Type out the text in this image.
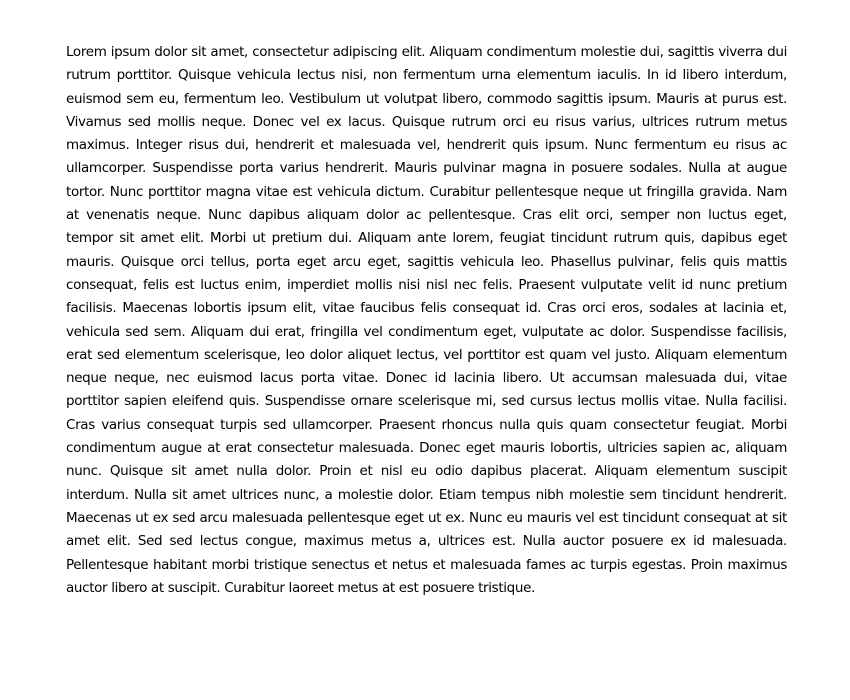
Lorem ipsum dolor sit amet, consectetur adipiscing elit. Aliquam condimentum molestie dui, sagittis viverra dui rutrum porttitor. Quisque vehicula lectus nisi, non fermentum urna elementum iaculis. In id libero interdum, euismod sem eu, fermentum leo. Vestibulum ut volutpat libero, commodo sagittis ipsum. Mauris at purus est. Vivamus sed mollis neque. Donec vel ex lacus. Quisque rutrum orci eu risus varius, ultrices rutrum metus maximus. Integer risus dui, hendrerit et malesuada vel, hendrerit quis ipsum. Nunc fermentum eu risus ac ullamcorper. Suspendisse porta varius hendrerit. Mauris pulvinar magna in posuere sodales. Nulla at augue tortor. Nunc porttitor magna vitae est vehicula dictum. Curabitur pellentesque neque ut fringilla gravida. Nam at venenatis neque. Nunc dapibus aliquam dolor ac pellentesque. Cras elit orci, semper non luctus eget, tempor sit amet elit. Morbi ut pretium dui. Aliquam ante lorem, feugiat tincidunt rutrum quis, dapibus eget mauris. Quisque orci tellus, porta eget arcu eget, sagittis vehicula leo. Phasellus pulvinar, felis quis mattis consequat, felis est luctus enim, imperdiet mollis nisi nisl nec felis. Praesent vulputate velit id nunc pretium facilisis. Maecenas lobortis ipsum elit, vitae faucibus felis consequat id. Cras orci eros, sodales at lacinia et, vehicula sed sem. Aliquam dui erat, fringilla vel condimentum eget, vulputate ac dolor. Suspendisse facilisis, erat sed elementum scelerisque, leo dolor aliquet lectus, vel porttitor est quam vel justo. Aliquam elementum neque neque, nec euismod lacus porta vitae. Donec id lacinia libero. Ut accumsan malesuada dui, vitae porttitor sapien eleifend quis. Suspendisse ornare scelerisque mi, sed cursus lectus mollis vitae. Nulla facilisi. Cras varius consequat turpis sed ullamcorper. Praesent rhoncus nulla quis quam consectetur feugiat. Morbi condimentum augue at erat consectetur malesuada. Donec eget mauris lobortis, ultricies sapien ac, aliquam nunc. Quisque sit amet nulla dolor. Proin et nisl eu odio dapibus placerat. Aliquam elementum suscipit interdum. Nulla sit amet ultrices nunc, a molestie dolor. Etiam tempus nibh molestie sem tincidunt hendrerit. Maecenas ut ex sed arcu malesuada pellentesque eget ut ex. Nunc eu mauris vel est tincidunt consequat at sit amet elit. Sed sed lectus congue, maximus metus a, ultrices est. Nulla auctor posuere ex id malesuada. Pellentesque habitant morbi tristique senectus et netus et malesuada fames ac turpis egestas. Proin maximus auctor libero at suscipit. Curabitur laoreet metus at est posuere tristique.
